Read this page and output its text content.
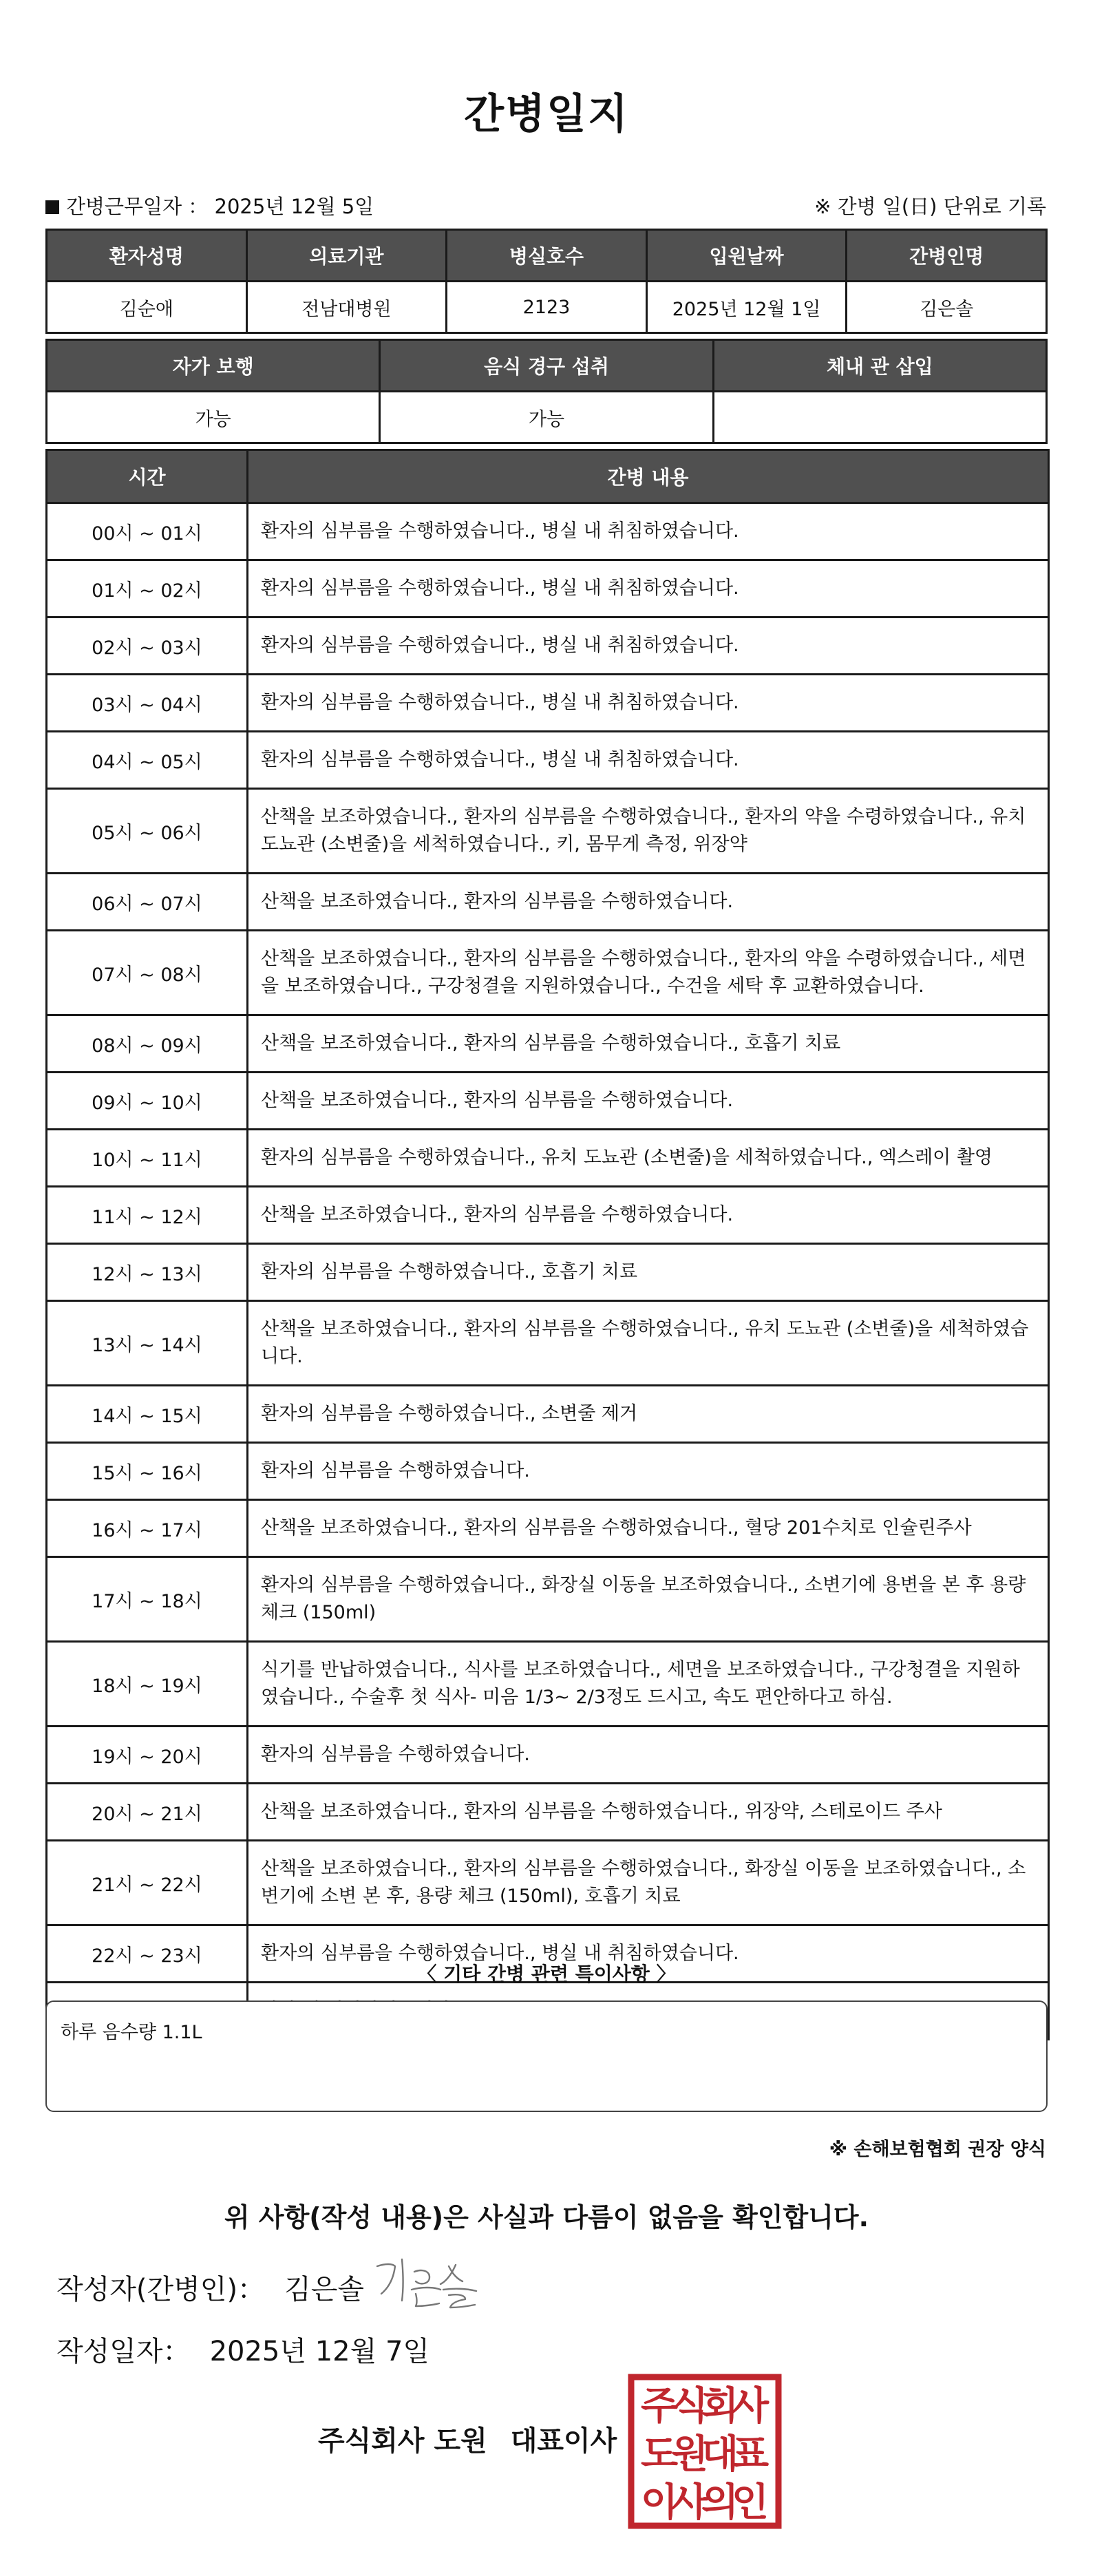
간병일지
간병근무일자 ： 2025년 12월 5일	※ 간병 일(日) 단위로 기록
환자성명	의료기관	병실호수	입원날짜	간병인명
김순애	전남대병원	2123	2025년 12월 1일	김은솔
자가 보행	음식 경구 섭취	체내 관 삽입
가능	가능	
시간	간병 내용
00시 ~ 01시	환자의 심부름을 수행하였습니다., 병실 내 취침하였습니다.
01시 ~ 02시	환자의 심부름을 수행하였습니다., 병실 내 취침하였습니다.
02시 ~ 03시	환자의 심부름을 수행하였습니다., 병실 내 취침하였습니다.
03시 ~ 04시	환자의 심부름을 수행하였습니다., 병실 내 취침하였습니다.
04시 ~ 05시	환자의 심부름을 수행하였습니다., 병실 내 취침하였습니다.
05시 ~ 06시	산책을 보조하였습니다., 환자의 심부름을 수행하였습니다., 환자의 약을 수령하였습니다., 유치 도뇨관 (소변줄)을 세척하였습니다., 키, 몸무게 측정, 위장약
06시 ~ 07시	산책을 보조하였습니다., 환자의 심부름을 수행하였습니다.
07시 ~ 08시	산책을 보조하였습니다., 환자의 심부름을 수행하였습니다., 환자의 약을 수령하였습니다., 세면을 보조하였습니다., 구강청결을 지원하였습니다., 수건을 세탁 후 교환하였습니다.
08시 ~ 09시	산책을 보조하였습니다., 환자의 심부름을 수행하였습니다., 호흡기 치료
09시 ~ 10시	산책을 보조하였습니다., 환자의 심부름을 수행하였습니다.
10시 ~ 11시	환자의 심부름을 수행하였습니다., 유치 도뇨관 (소변줄)을 세척하였습니다., 엑스레이 촬영
11시 ~ 12시	산책을 보조하였습니다., 환자의 심부름을 수행하였습니다.
12시 ~ 13시	환자의 심부름을 수행하였습니다., 호흡기 치료
13시 ~ 14시	산책을 보조하였습니다., 환자의 심부름을 수행하였습니다., 유치 도뇨관 (소변줄)을 세척하였습니다.
14시 ~ 15시	환자의 심부름을 수행하였습니다., 소변줄 제거
15시 ~ 16시	환자의 심부름을 수행하였습니다.
16시 ~ 17시	산책을 보조하였습니다., 환자의 심부름을 수행하였습니다., 혈당 201수치로 인슐린주사
17시 ~ 18시	환자의 심부름을 수행하였습니다., 화장실 이동을 보조하였습니다., 소변기에 용변을 본 후 용량 체크 (150ml)
18시 ~ 19시	식기를 반납하였습니다., 식사를 보조하였습니다., 세면을 보조하였습니다., 구강청결을 지원하였습니다., 수술후 첫 식사- 미음 1/3~ 2/3정도 드시고, 속도 편안하다고 하심.
19시 ~ 20시	환자의 심부름을 수행하였습니다.
20시 ~ 21시	산책을 보조하였습니다., 환자의 심부름을 수행하였습니다., 위장약, 스테로이드 주사
21시 ~ 22시	산책을 보조하였습니다., 환자의 심부름을 수행하였습니다., 화장실 이동을 보조하였습니다., 소변기에 소변 본 후, 용량 체크 (150ml), 호흡기 치료
22시 ~ 23시	환자의 심부름을 수행하였습니다., 병실 내 취침하였습니다.

〈 기타 간병 관련 특이사항 〉
하루 음수량 1.1L
※ 손해보험협회 권장 양식
위 사항(작성 내용)은 사실과 다름이 없음을 확인합니다.
작성자(간병인)： 김은솔
작성일자： 2025년 12월 7일
주식회사 도원 대표이사
주
식
회
사
도
원
대
표
이
사
의
인
